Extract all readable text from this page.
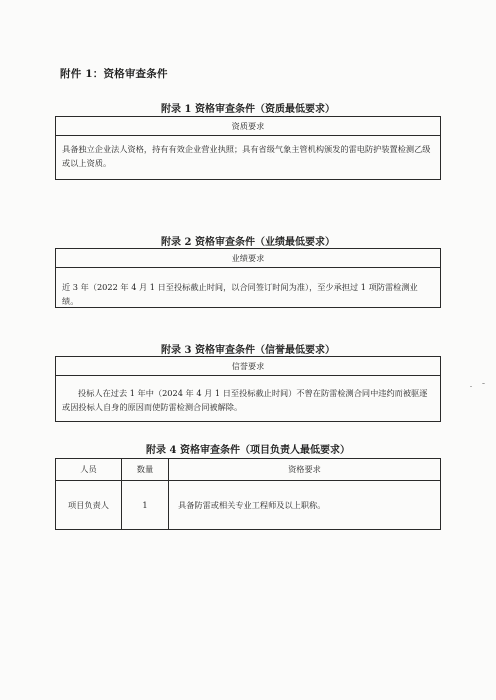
附件 1：资格审查条件
附录 1 资格审查条件（资质最低要求）
资质要求
具备独立企业法人资格，持有有效企业营业执照；具有省级气象主管机构颁发的雷电防护装置检测乙级或以上资质。
附录 2 资格审查条件（业绩最低要求）
业绩要求
近 3 年（2022 年 4 月 1 日至投标截止时间，以合同签订时间为准），至少承担过 1 项防雷检测业绩。
附录 3 资格审查条件（信誉最低要求）
信誉要求
投标人在过去 1 年中（2024 年 4 月 1 日至投标截止时间）不曾在防雷检测合同中违约而被驱逐或因投标人自身的原因而使防雷检测合同被解除。
附录 4 资格审查条件（项目负责人最低要求）
人员	数量	资格要求
项目负责人	1	具备防雷或相关专业工程师及以上职称。
